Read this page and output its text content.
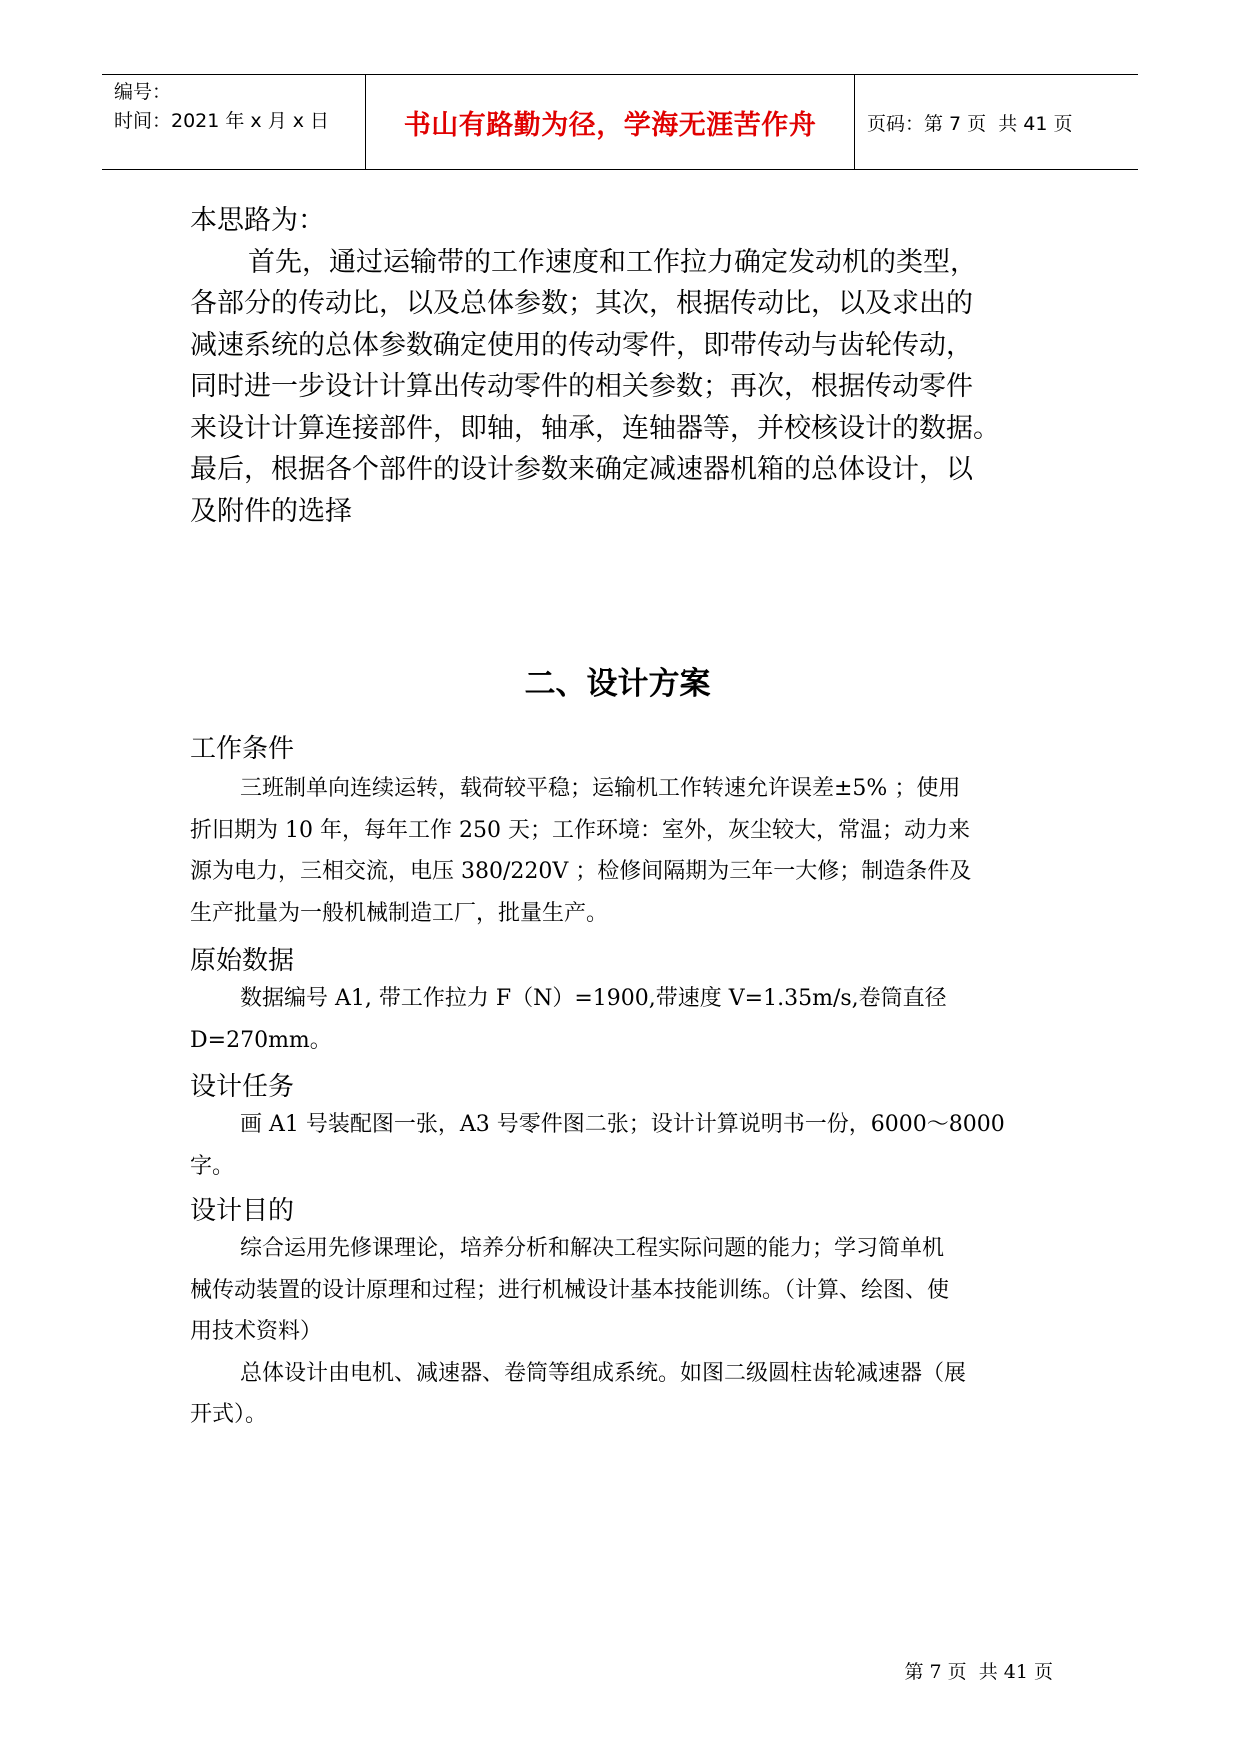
编号：
时间：2021 年 x 月 x 日	书山有路勤为径，学海无涯苦作舟	页码：第 7 页  共 41 页
本思路为：
首先，通过运输带的工作速度和工作拉力确定发动机的类型，
各部分的传动比，以及总体参数；其次，根据传动比，以及求出的
减速系统的总体参数确定使用的传动零件，即带传动与齿轮传动，
同时进一步设计计算出传动零件的相关参数；再次，根据传动零件
来设计计算连接部件，即轴，轴承，连轴器等，并校核设计的数据。
最后，根据各个部件的设计参数来确定减速器机箱的总体设计，以
及附件的选择
二、设计方案
工作条件
三班制单向连续运转，载荷较平稳；运输机工作转速允许误差±5% ；使用
折旧期为 10 年，每年工作 250 天；工作环境：室外，灰尘较大，常温；动力来
源为电力，三相交流，电压 380/220V ；检修间隔期为三年一大修；制造条件及
生产批量为一般机械制造工厂，批量生产。
原始数据
数据编号 A1, 带工作拉力 F（N）=1900,带速度 V=1.35m/s,卷筒直径
D=270mm。
设计任务
画 A1 号装配图一张，A3 号零件图二张；设计计算说明书一份，6000～8000
字。
设计目的
综合运用先修课理论，培养分析和解决工程实际问题的能力；学习简单机
械传动装置的设计原理和过程；进行机械设计基本技能训练。（计算、绘图、使
用技术资料）
总体设计由电机、减速器、卷筒等组成系统。如图二级圆柱齿轮减速器（展
开式）。
第 7 页  共 41 页
